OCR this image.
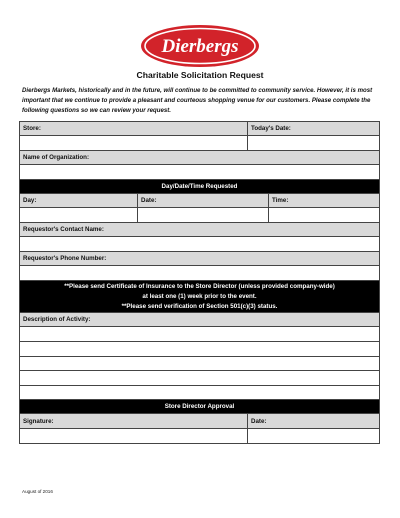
Dierbergs
Charitable Solicitation Request
Dierbergs Markets, historically and in the future, will continue to be committed to community service. However, it is most important that we continue to provide a pleasant and courteous shopping venue for our customers. Please complete the following questions so we can review your request.
Store:	Today's Date:
Name of Organization:
Day/Date/Time Requested
Day:	Date:	Time:
Requestor's Contact Name:
Requestor's Phone Number:
**Please send Certificate of Insurance to the Store Director (unless provided company-wide)
at least one (1) week prior to the event.
**Please send verification of Section 501(c)(3) status.
Description of Activity:
Store Director Approval
Signature:	Date:
August of 2016
